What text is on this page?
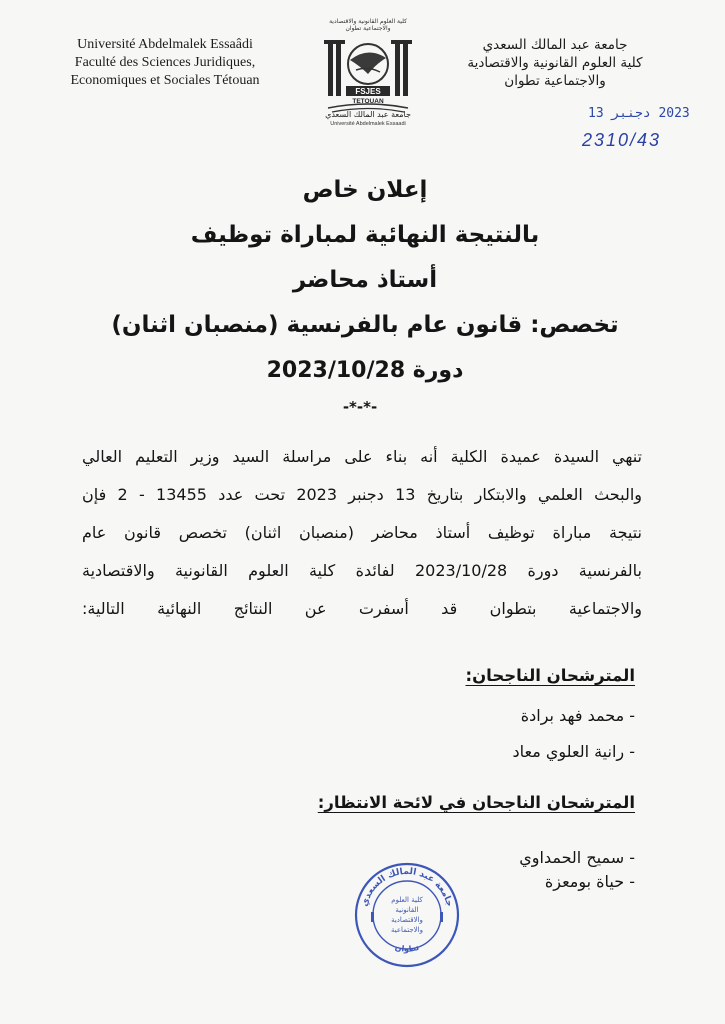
Université Abdelmalek Essaâdi
Faculté des Sciences Juridiques,
Economiques et Sociales Tétouan
كلية العلوم القانونية والاقتصادية والاجتماعية تطوان
FSJES
TETOUAN
جامعة عبد المالك السعدي
Université Abdelmalek Essaadi
جامعة عبد المالك السعدي
كلية العلوم القانونية والاقتصادية
والاجتماعية تطوان
2023 دجنبر 13
2310/43
إعلان خاص
بالنتيجة النهائية لمباراة توظيف
أستاذ محاضر
تخصص: قانون عام بالفرنسية (منصبان اثنان)
دورة 2023/10/28
-*-*-
تنهي السيدة عميدة الكلية أنه بناء على مراسلة السيد وزير التعليم العالي
والبحث العلمي والابتكار بتاريخ 13 دجنبر 2023 تحت عدد 13455 - 2 فإن
نتيجة مباراة توظيف أستاذ محاضر (منصبان اثنان) تخصص قانون عام
بالفرنسية دورة 2023/10/28 لفائدة كلية العلوم القانونية والاقتصادية
والاجتماعية بتطوان قد أسفرت عن النتائج النهائية التالية:
المترشحان الناجحان:
- محمد فهد برادة
- رانية العلوي معاد
المترشحان الناجحان في لائحة الانتظار:
- سميح الحمداوي
- حياة بومعزة
جامعة عبد المالك السعدي
تطوان
كلية العلوم
القانونية
والاقتصادية
والاجتماعية
